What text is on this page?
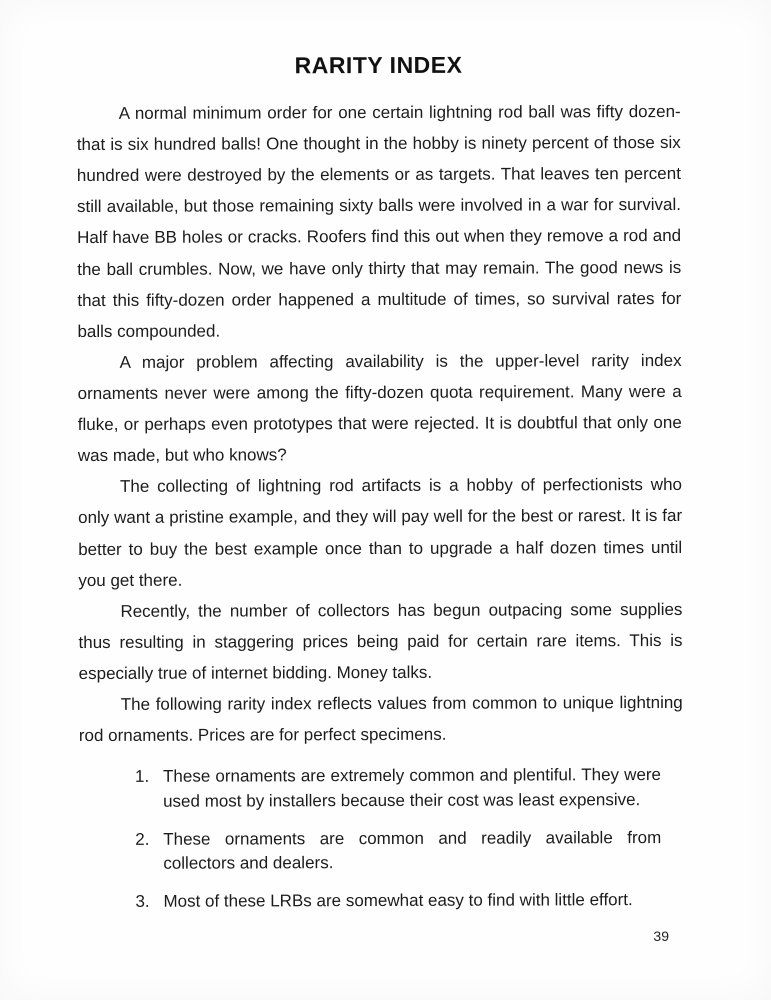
RARITY INDEX

A normal minimum order for one certain lightning rod ball was fifty dozen-that is six hundred balls! One thought in the hobby is ninety percent of those six hundred were destroyed by the elements or as targets. That leaves ten percent still available, but those remaining sixty balls were involved in a war for survival. Half have BB holes or cracks. Roofers find this out when they remove a rod and the ball crumbles. Now, we have only thirty that may remain. The good news is that this fifty-dozen order happened a multitude of times, so survival rates for balls compounded.

A major problem affecting availability is the upper-level rarity index ornaments never were among the fifty-dozen quota requirement. Many were a fluke, or perhaps even prototypes that were rejected. It is doubtful that only one was made, but who knows?

The collecting of lightning rod artifacts is a hobby of perfectionists who only want a pristine example, and they will pay well for the best or rarest. It is far better to buy the best example once than to upgrade a half dozen times until you get there.

Recently, the number of collectors has begun outpacing some supplies thus resulting in staggering prices being paid for certain rare items. This is especially true of internet bidding. Money talks.

The following rarity index reflects values from common to unique lightning rod ornaments. Prices are for perfect specimens.

1. These ornaments are extremely common and plentiful. They were used most by installers because their cost was least expensive.
2. These ornaments are common and readily available from collectors and dealers.
3. Most of these LRBs are somewhat easy to find with little effort.
39
